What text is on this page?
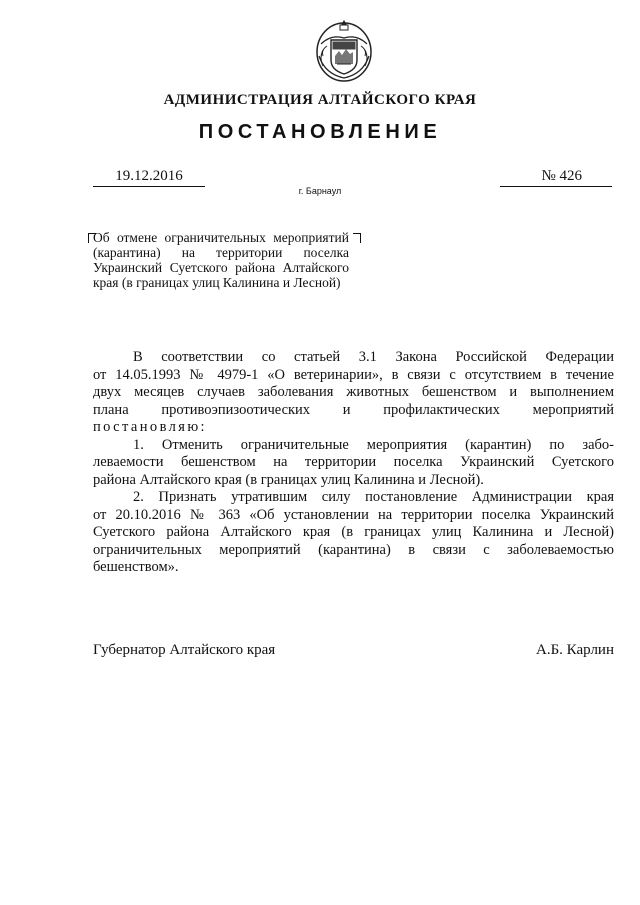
АДМИНИСТРАЦИЯ АЛТАЙСКОГО КРАЯ
ПОСТАНОВЛЕНИЕ
19.12.2016	№ 426
г. Барнаул
Об отмене ограничительных мероприятий (карантина) на территории поселка Украинский Суетского района Алтайского края (в границах улиц Калинина и Лесной)

В соответствии со статьей 3.1 Закона Российской Федерации

от 14.05.1993 № 4979-1 «О ветеринарии», в связи с отсутствием в течение

двух месяцев случаев заболевания животных бешенством и выполнением

плана противоэпизоотических и профилактических мероприятий

постановляю:

1. Отменить ограничительные мероприятия (карантин) по забо-

леваемости бешенством на территории поселка Украинский Суетского

района Алтайского края (в границах улиц Калинина и Лесной).

2. Признать утратившим силу постановление Администрации края

от 20.10.2016 № 363 «Об установлении на территории поселка Украинский

Суетского района Алтайского края (в границах улиц Калинина и Лесной)

ограничительных мероприятий (карантина) в связи с заболеваемостью

бешенством».

Губернатор Алтайского края	А.Б. Карлин
